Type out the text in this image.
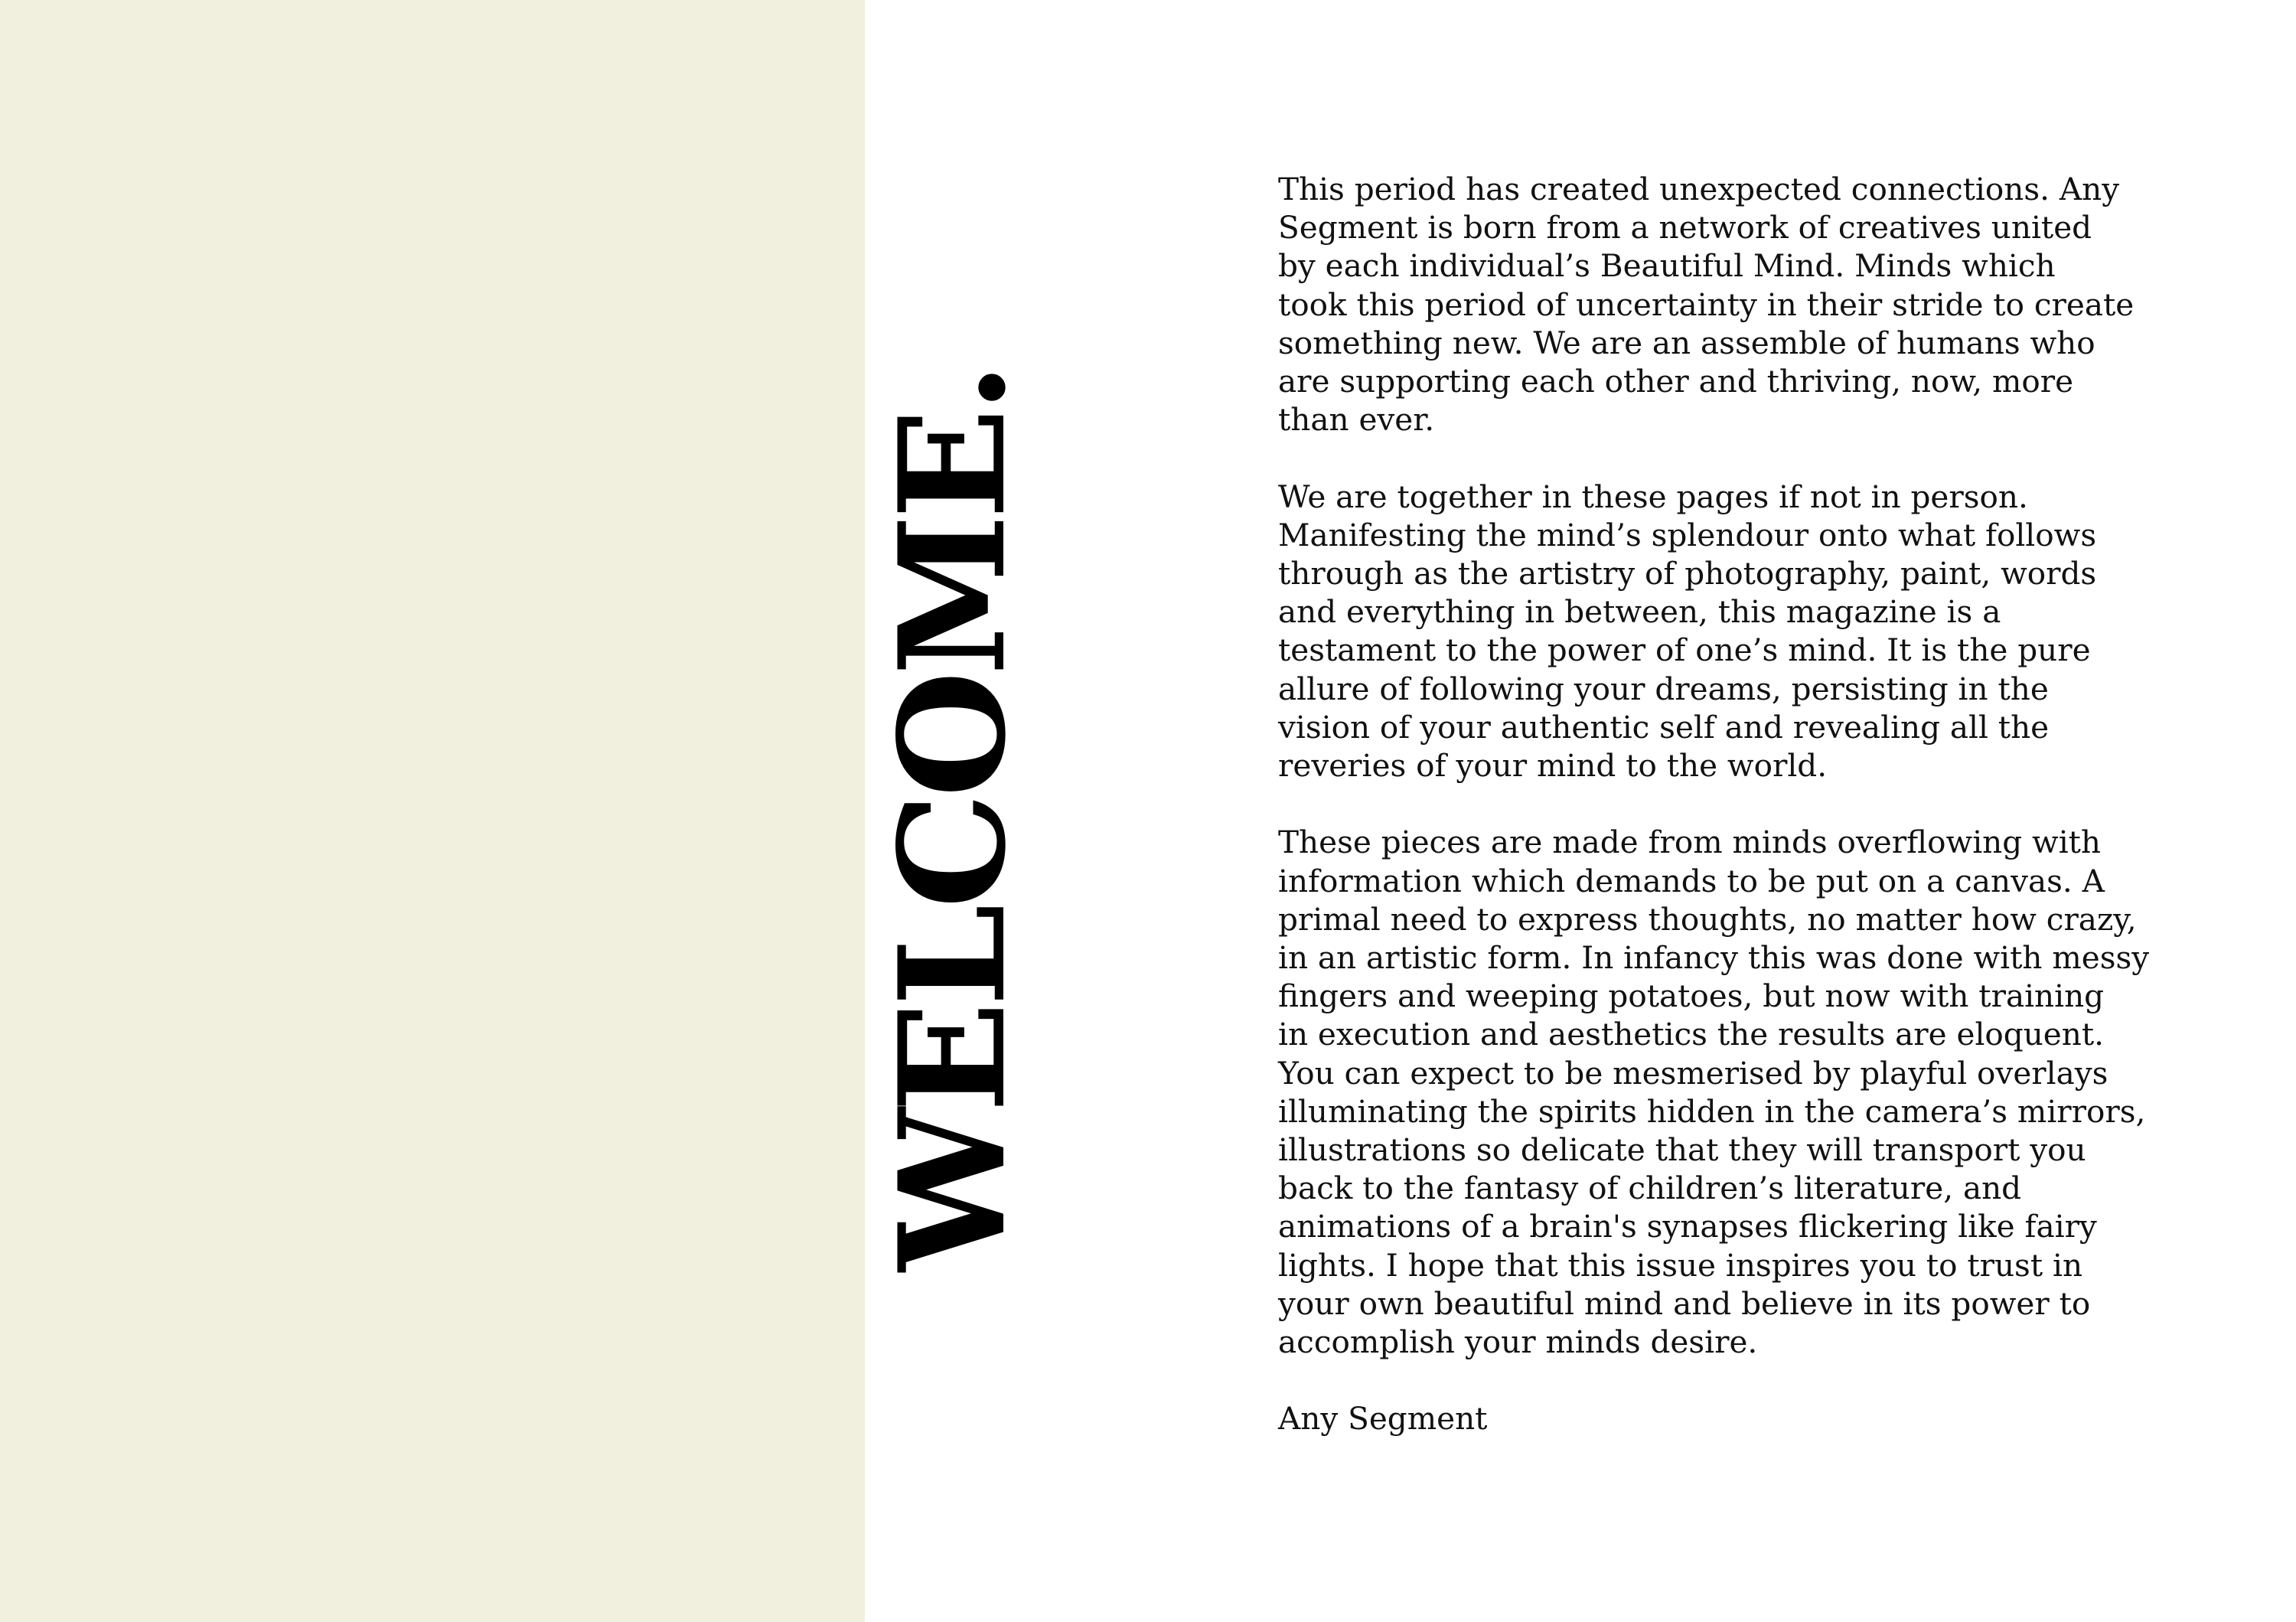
WELCOME.

This period has created unexpected connections. Any
Segment is born from a network of creatives united
by each individual’s Beautiful Mind. Minds which
took this period of uncertainty in their stride to create
something new. We are an assemble of humans who
are supporting each other and thriving, now, more
than ever.

We are together in these pages if not in person.
Manifesting the mind’s splendour onto what follows
through as the artistry of photography, paint, words
and everything in between, this magazine is a
testament to the power of one’s mind. It is the pure
allure of following your dreams, persisting in the
vision of your authentic self and revealing all the
reveries of your mind to the world.

These pieces are made from minds overflowing with
information which demands to be put on a canvas. A
primal need to express thoughts, no matter how crazy,
in an artistic form. In infancy this was done with messy
fingers and weeping potatoes, but now with training
in execution and aesthetics the results are eloquent.
You can expect to be mesmerised by playful overlays
illuminating the spirits hidden in the camera’s mirrors,
illustrations so delicate that they will transport you
back to the fantasy of children’s literature, and
animations of a brain's synapses flickering like fairy
lights. I hope that this issue inspires you to trust in
your own beautiful mind and believe in its power to
accomplish your minds desire.

Any Segment
